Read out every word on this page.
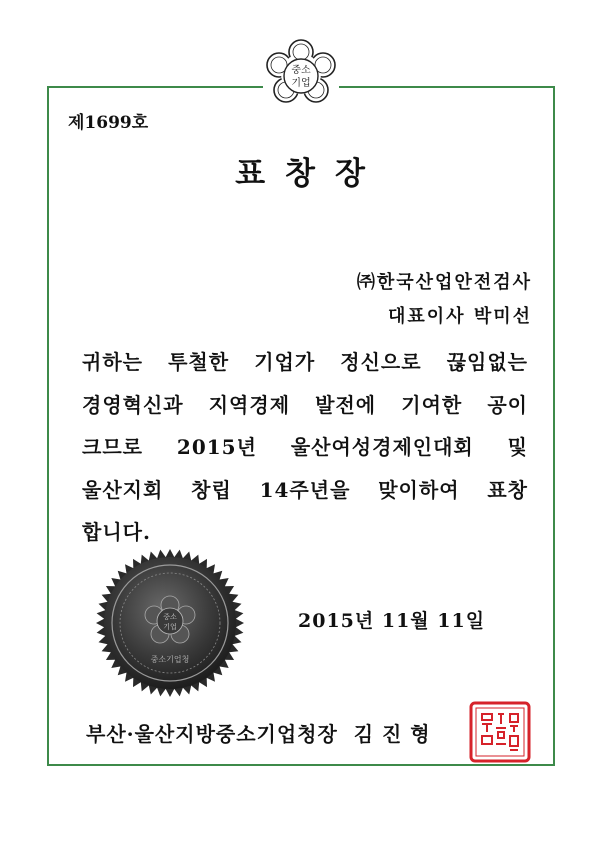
중소
기업
제1699호
표창장
㈜한국산업안전검사
대표이사 박미선
귀하는 투철한 기업가 정신으로 끊임없는
경영혁신과 지역경제 발전에 기여한 공이
크므로 2015년 울산여성경제인대회 및
울산지회 창립 14주년을 맞이하여 표창
합니다.
중소
기업
중소기업청
2015년 11월 11일
부산·울산지방중소기업청장  김 진 형
